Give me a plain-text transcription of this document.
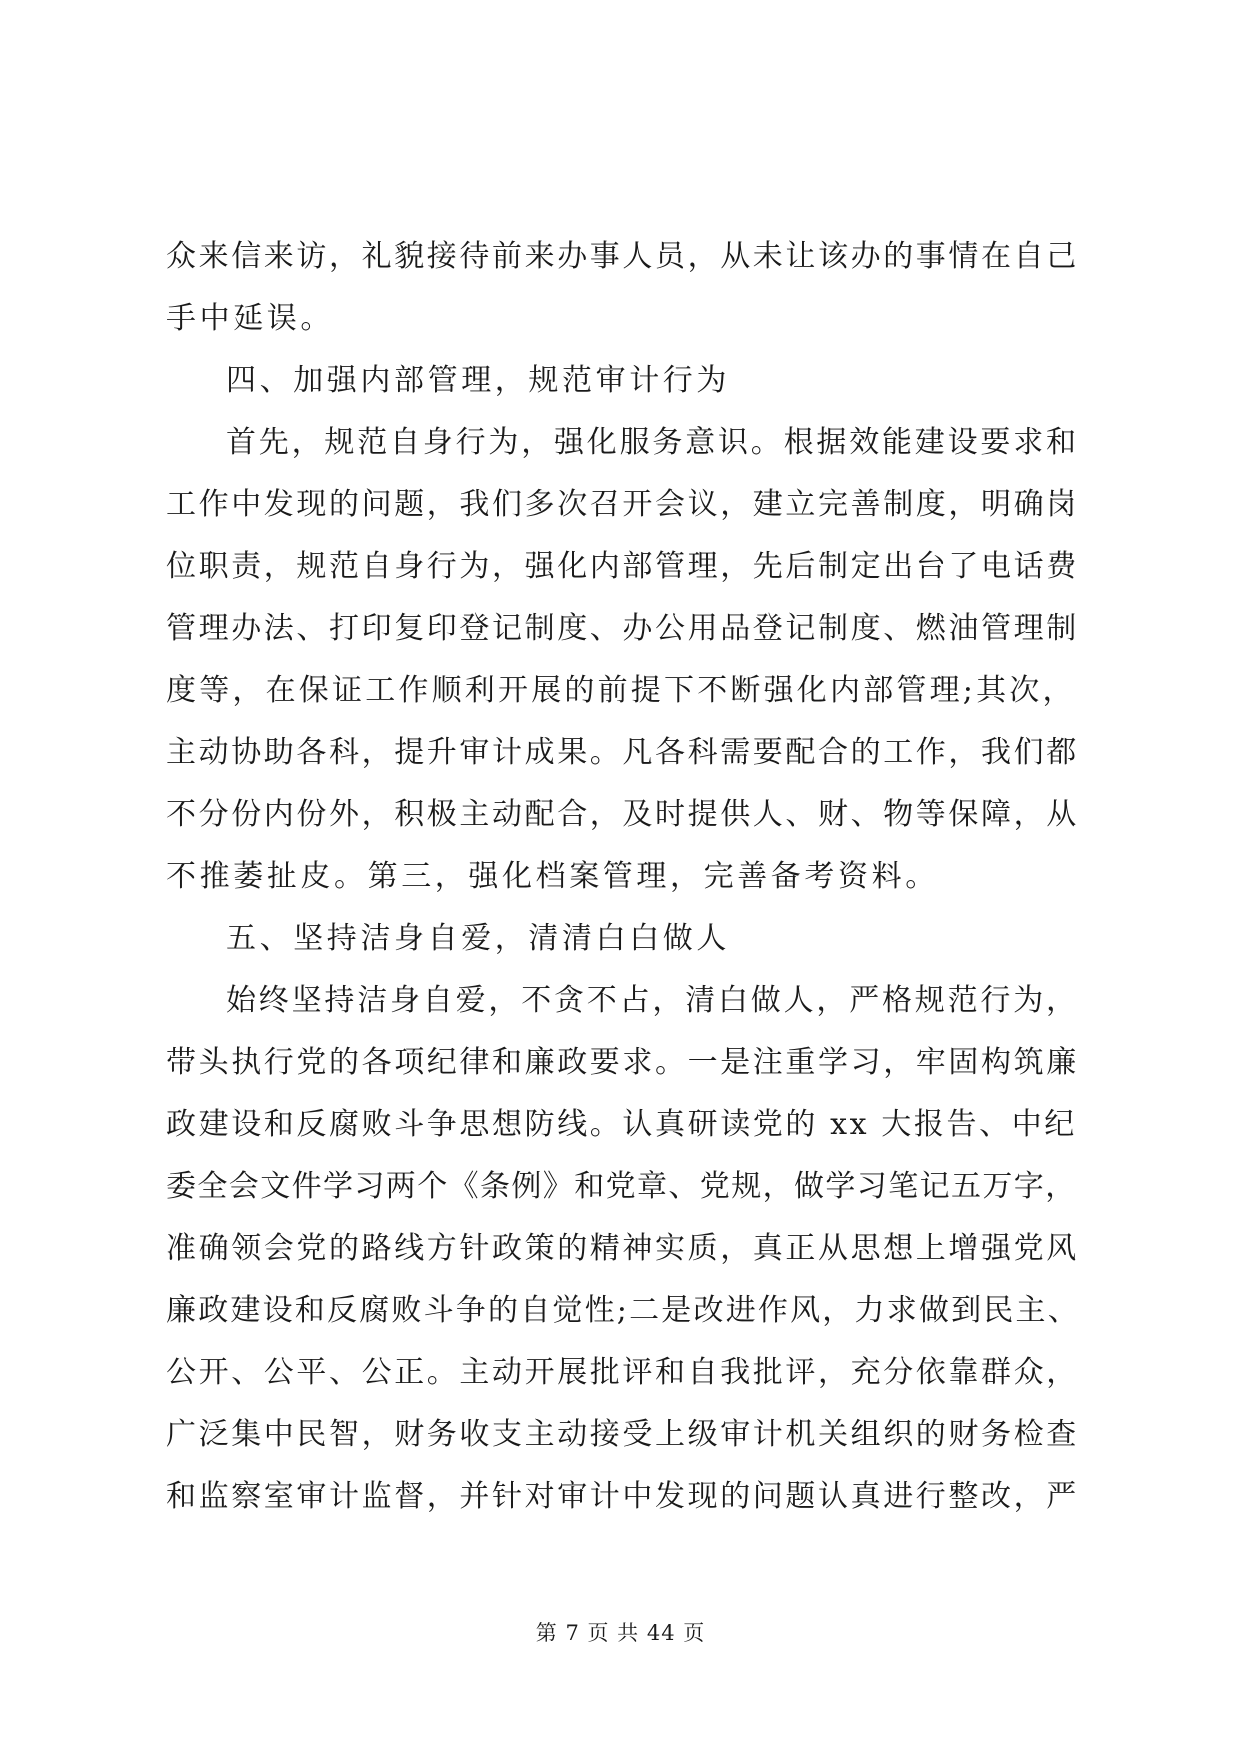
众来信来访，礼貌接待前来办事人员，从未让该办的事情在自己
手中延误。
四、加强内部管理，规范审计行为
首先，规范自身行为，强化服务意识。根据效能建设要求和
工作中发现的问题，我们多次召开会议，建立完善制度，明确岗
位职责，规范自身行为，强化内部管理，先后制定出台了电话费
管理办法、打印复印登记制度、办公用品登记制度、燃油管理制
度等，在保证工作顺利开展的前提下不断强化内部管理;其次，
主动协助各科，提升审计成果。凡各科需要配合的工作，我们都
不分份内份外，积极主动配合，及时提供人、财、物等保障，从
不推萎扯皮。第三，强化档案管理，完善备考资料。
五、坚持洁身自爱，清清白白做人
始终坚持洁身自爱，不贪不占，清白做人，严格规范行为，
带头执行党的各项纪律和廉政要求。一是注重学习，牢固构筑廉
政建设和反腐败斗争思想防线。认真研读党的 xx 大报告、中纪
委全会文件学习两个《条例》和党章、党规，做学习笔记五万字，
准确领会党的路线方针政策的精神实质，真正从思想上增强党风
廉政建设和反腐败斗争的自觉性;二是改进作风，力求做到民主、
公开、公平、公正。主动开展批评和自我批评，充分依靠群众，
广泛集中民智，财务收支主动接受上级审计机关组织的财务检查
和监察室审计监督，并针对审计中发现的问题认真进行整改，严
第 7 页 共 44 页
